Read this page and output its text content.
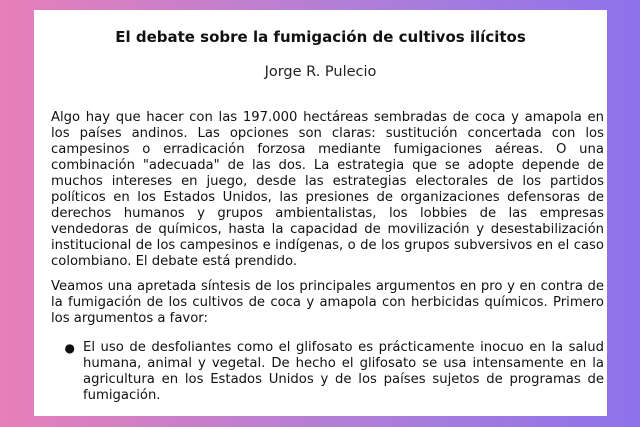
El debate sobre la fumigación de cultivos ilícitos

Jorge R. Pulecio

Algo hay que hacer con las 197.000 hectáreas sembradas de coca y amapola en los países andinos. Las opciones son claras: sustitución concertada con los campesinos o erradicación forzosa mediante fumigaciones aéreas. O una combinación "adecuada" de las dos. La estrategia que se adopte depende de muchos intereses en juego, desde las estrategias electorales de los partidos políticos en los Estados Unidos, las presiones de organizaciones defensoras de derechos humanos y grupos ambientalistas, los lobbies de las empresas vendedoras de químicos, hasta la capacidad de movilización y desestabilización institucional de los campesinos e indígenas, o de los grupos subversivos en el caso colombiano. El debate está prendido.

Veamos una apretada síntesis de los principales argumentos en pro y en contra de la fumigación de los cultivos de coca y amapola con herbicidas químicos. Primero los argumentos a favor:

● El uso de desfoliantes como el glifosato es prácticamente inocuo en la salud humana, animal y vegetal. De hecho el glifosato se usa intensamente en la agricultura en los Estados Unidos y de los países sujetos de programas de fumigación.
